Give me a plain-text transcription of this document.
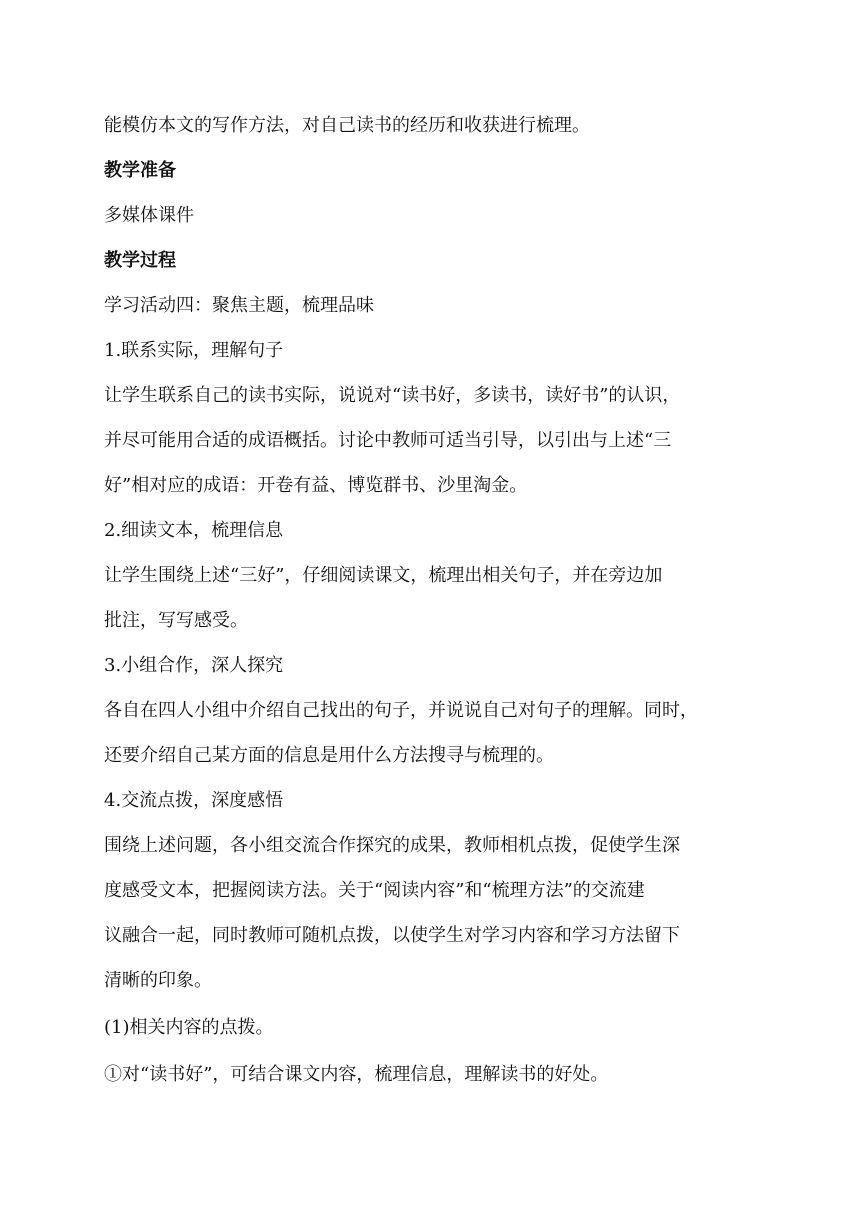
能模仿本文的写作方法，对自己读书的经历和收获进行梳理。
教学准备
多媒体课件
教学过程
学习活动四：聚焦主题，梳理品味
1.联系实际，理解句子
让学生联系自己的读书实际，说说对“读书好，多读书，读好书”的认识，
并尽可能用合适的成语概括。讨论中教师可适当引导，以引出与上述“三
好”相对应的成语：开卷有益、博览群书、沙里淘金。
2.细读文本，梳理信息
让学生围绕上述“三好”，仔细阅读课文，梳理出相关句子，并在旁边加
批注，写写感受。
3.小组合作，深人探究
各自在四人小组中介绍自己找出的句子，并说说自己对句子的理解。同时，
还要介绍自己某方面的信息是用什么方法搜寻与梳理的。
4.交流点拨，深度感悟
围绕上述问题，各小组交流合作探究的成果，教师相机点拨，促使学生深
度感受文本，把握阅读方法。关于“阅读内容”和“梳理方法”的交流建
议融合一起，同时教师可随机点拨，以使学生对学习内容和学习方法留下
清晰的印象。
(1)相关内容的点拨。
①对“读书好”，可结合课文内容，梳理信息，理解读书的好处。
